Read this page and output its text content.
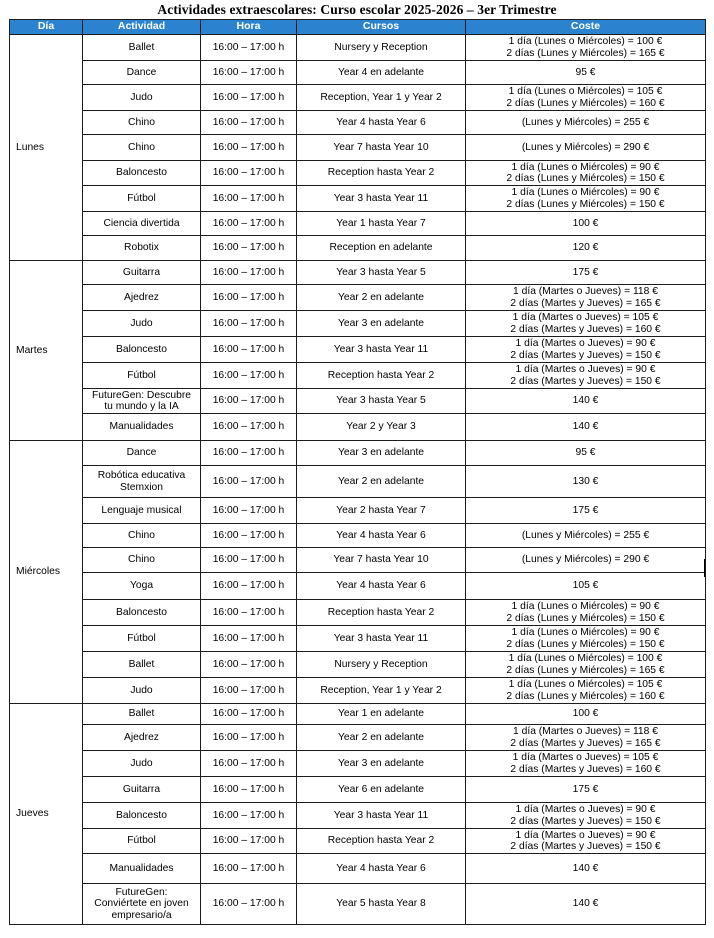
Actividades extraescolares: Curso escolar 2025-2026 – 3er Trimestre
Día	Actividad	Hora	Cursos	Coste
Lunes	Ballet	16:00 – 17:00 h	Nursery y Reception	1 día (Lunes o Miércoles) = 100 €
2 días (Lunes y Miércoles) = 165 €

	Dance	16:00 – 17:00 h	Year 4 en adelante	95 €

	Judo	16:00 – 17:00 h	Reception, Year 1 y Year 2	1 día (Lunes o Miércoles) = 105 €
2 días (Lunes y Miércoles) = 160 €

	Chino	16:00 – 17:00 h	Year 4 hasta Year 6	(Lunes y Miércoles) = 255 €

	Chino	16:00 – 17:00 h	Year 7 hasta Year 10	(Lunes y Miércoles) = 290 €

	Baloncesto	16:00 – 17:00 h	Reception hasta Year 2	1 día (Lunes o Miércoles) = 90 €
2 días (Lunes y Miércoles) = 150 €

	Fútbol	16:00 – 17:00 h	Year 3 hasta Year 11	1 día (Lunes o Miércoles) = 90 €
2 días (Lunes y Miércoles) = 150 €

	Ciencia divertida	16:00 – 17:00 h	Year 1 hasta Year 7	100 €

	Robotix	16:00 – 17:00 h	Reception en adelante	120 €

Martes	Guitarra	16:00 – 17:00 h	Year 3 hasta Year 5	175 €

	Ajedrez	16:00 – 17:00 h	Year 2 en adelante	1 día (Martes o Jueves) = 118 €
2 días (Martes y Jueves) = 165 €

	Judo	16:00 – 17:00 h	Year 3 en adelante	1 día (Martes o Jueves) = 105 €
2 días (Martes y Jueves) = 160 €

	Baloncesto	16:00 – 17:00 h	Year 3 hasta Year 11	1 día (Martes o Jueves) = 90 €
2 días (Martes y Jueves) = 150 €

	Fútbol	16:00 – 17:00 h	Reception hasta Year 2	1 día (Martes o Jueves) = 90 €
2 días (Martes y Jueves) = 150 €

	FutureGen: Descubre
tu mundo y la IA	16:00 – 17:00 h	Year 3 hasta Year 5	140 €

	Manualidades	16:00 – 17:00 h	Year 2 y Year 3	140 €

Miércoles	Dance	16:00 – 17:00 h	Year 3 en adelante	95 €

	Robótica educativa
Stemxion	16:00 – 17:00 h	Year 2 en adelante	130 €

	Lenguaje musical	16:00 – 17:00 h	Year 2 hasta Year 7	175 €

	Chino	16:00 – 17:00 h	Year 4 hasta Year 6	(Lunes y Miércoles) = 255 €

	Chino	16:00 – 17:00 h	Year 7 hasta Year 10	(Lunes y Miércoles) = 290 €

	Yoga	16:00 – 17:00 h	Year 4 hasta Year 6	105 €

	Baloncesto	16:00 – 17:00 h	Reception hasta Year 2	1 día (Lunes o Miércoles) = 90 €
2 días (Lunes y Miércoles) = 150 €

	Fútbol	16:00 – 17:00 h	Year 3 hasta Year 11	1 día (Lunes o Miércoles) = 90 €
2 días (Lunes y Miércoles) = 150 €

	Ballet	16:00 – 17:00 h	Nursery y Reception	1 día (Lunes o Miércoles) = 100 €
2 días (Lunes y Miércoles) = 165 €

	Judo	16:00 – 17:00 h	Reception, Year 1 y Year 2	1 día (Lunes o Miércoles) = 105 €
2 días (Lunes y Miércoles) = 160 €

Jueves	Ballet	16:00 – 17:00 h	Year 1 en adelante	100 €

	Ajedrez	16:00 – 17:00 h	Year 2 en adelante	1 día (Martes o Jueves) = 118 €
2 días (Martes y Jueves) = 165 €

	Judo	16:00 – 17:00 h	Year 3 en adelante	1 día (Martes o Jueves) = 105 €
2 días (Martes y Jueves) = 160 €

	Guitarra	16:00 – 17:00 h	Year 6 en adelante	175 €

	Baloncesto	16:00 – 17:00 h	Year 3 hasta Year 11	1 día (Martes o Jueves) = 90 €
2 días (Martes y Jueves) = 150 €

	Fútbol	16:00 – 17:00 h	Reception hasta Year 2	1 día (Martes o Jueves) = 90 €
2 días (Martes y Jueves) = 150 €

	Manualidades	16:00 – 17:00 h	Year 4 hasta Year 6	140 €

	FutureGen:
Conviértete en joven
empresario/a	16:00 – 17:00 h	Year 5 hasta Year 8	140 €
